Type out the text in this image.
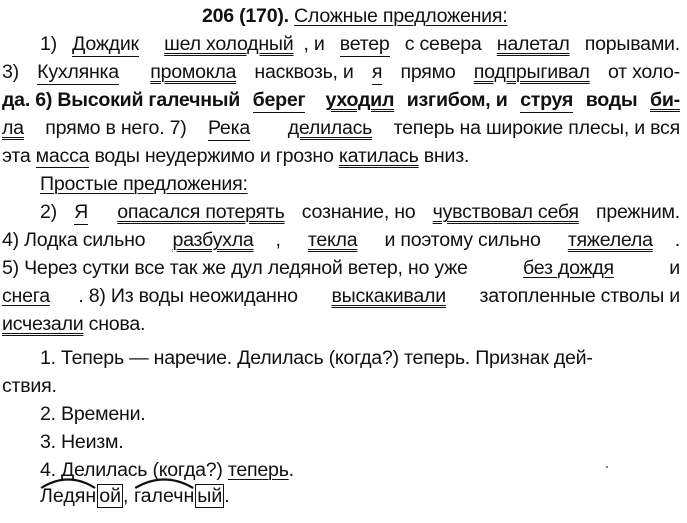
206 (170). Сложные предложения:
1) Дождик
шел холодный , и ветер с севера налетал порывами.
3) Кухлянка
промокла насквозь, и я прямо подпрыгивал от холо-
да. 6) Высокий галечный берег
уходил изгибом, и струя воды би-
ла прямо в него. 7) Река
делилась теперь на широкие плесы, и вся
эта масса воды неудержимо и грозно катилась вниз.
Простые предложения:
2) Я
опасался потерять сознание, но чувствовал себя прежним.
4) Лодка сильно разбухла , текла и поэтому сильно тяжелела .
5) Через сутки все так же дул ледяной ветер, но уже	без дождя	и
снега . 8) Из воды неожиданно выскакивали затопленные стволы и
исчезали снова.
1. Теперь — наречие. Делилась (когда?) теперь. Признак дей-
ствия.
2. Времени.
3. Неизм.
4. Делилась (когда?) теперь.
Ледян ой ,
галечн ый .
